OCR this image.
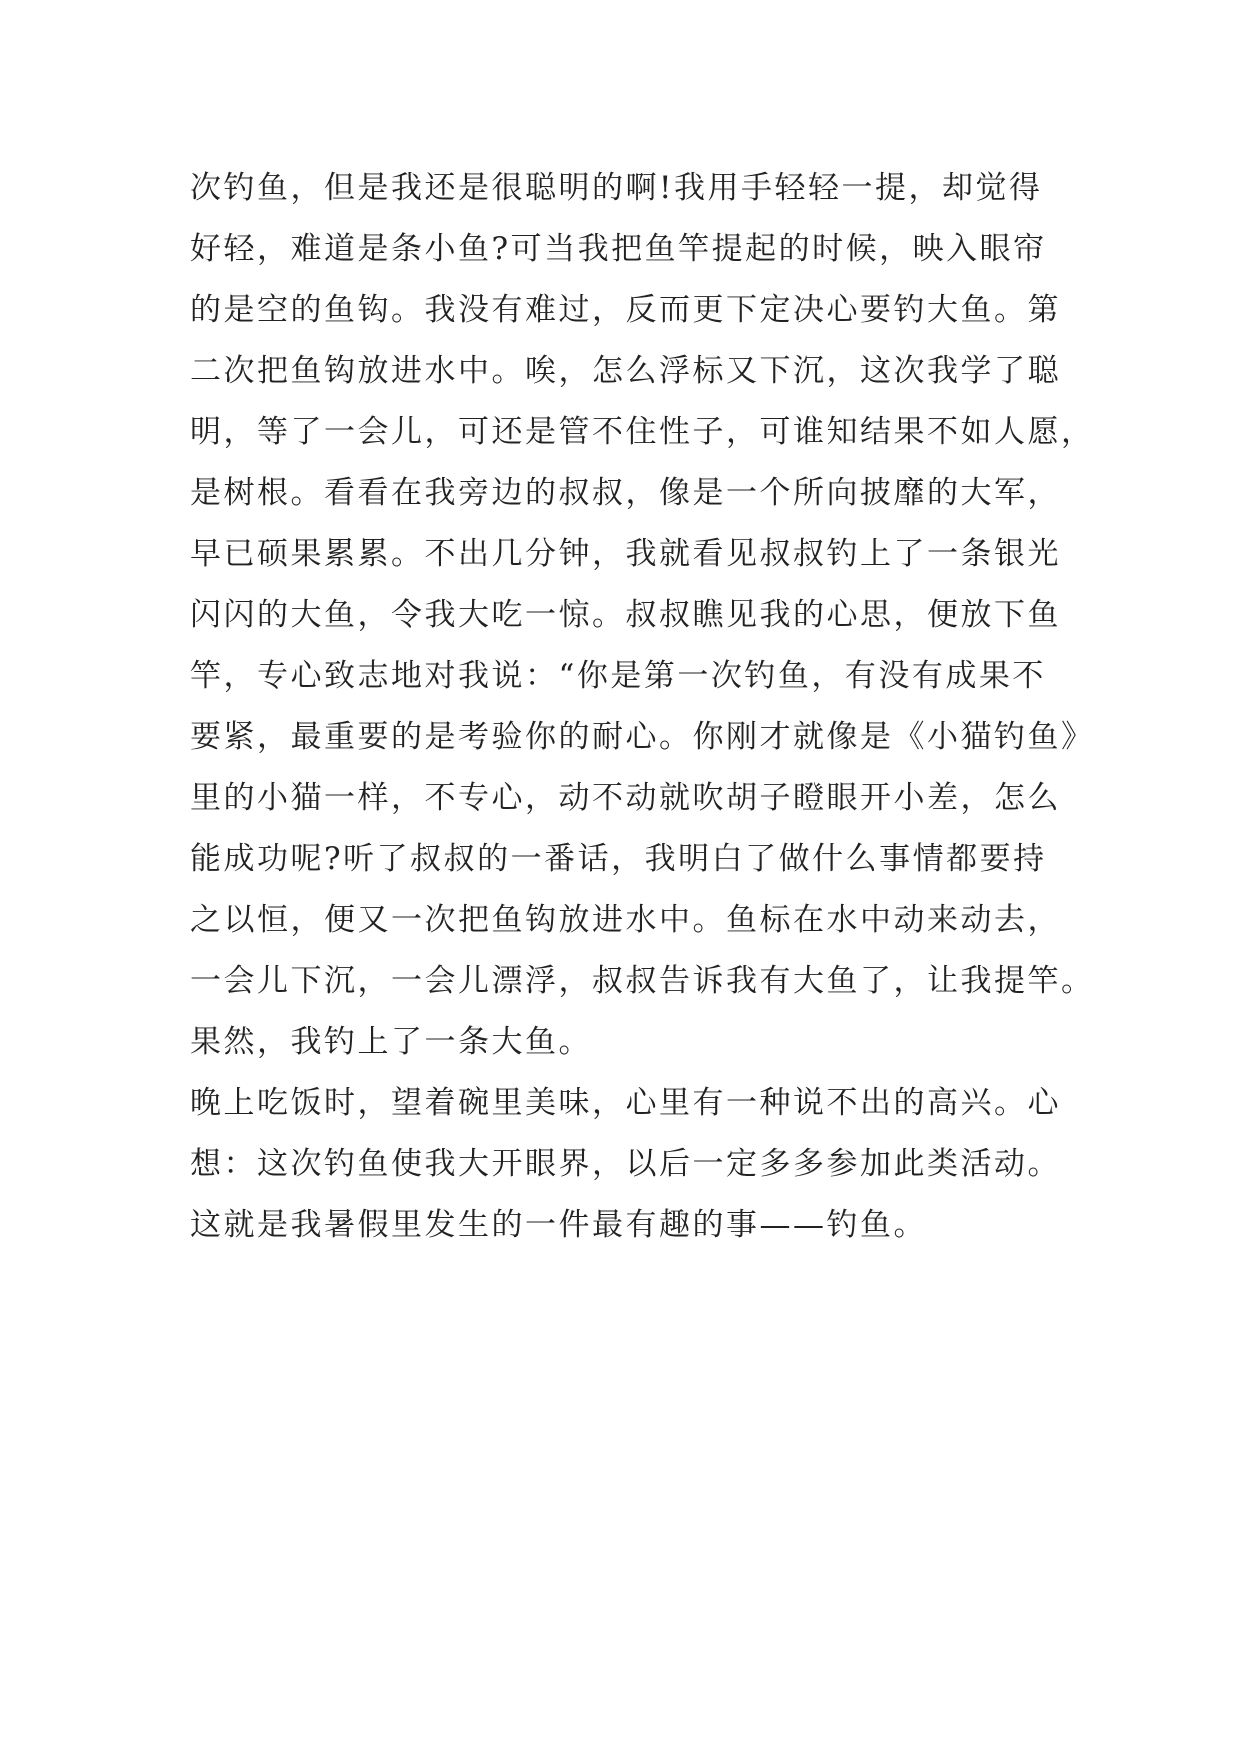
次钓鱼，但是我还是很聪明的啊!我用手轻轻一提，却觉得
好轻，难道是条小鱼?可当我把鱼竿提起的时候，映入眼帘
的是空的鱼钩。我没有难过，反而更下定决心要钓大鱼。第
二次把鱼钩放进水中。唉，怎么浮标又下沉，这次我学了聪
明，等了一会儿，可还是管不住性子，可谁知结果不如人愿，
是树根。看看在我旁边的叔叔，像是一个所向披靡的大军，
早已硕果累累。不出几分钟，我就看见叔叔钓上了一条银光
闪闪的大鱼，令我大吃一惊。叔叔瞧见我的心思，便放下鱼
竿，专心致志地对我说：“你是第一次钓鱼，有没有成果不
要紧，最重要的是考验你的耐心。你刚才就像是《小猫钓鱼》
里的小猫一样，不专心，动不动就吹胡子瞪眼开小差，怎么
能成功呢?听了叔叔的一番话，我明白了做什么事情都要持
之以恒，便又一次把鱼钩放进水中。鱼标在水中动来动去，
一会儿下沉，一会儿漂浮，叔叔告诉我有大鱼了，让我提竿。
果然，我钓上了一条大鱼。
晚上吃饭时，望着碗里美味，心里有一种说不出的高兴。心
想：这次钓鱼使我大开眼界，以后一定多多参加此类活动。
这就是我暑假里发生的一件最有趣的事——钓鱼。
